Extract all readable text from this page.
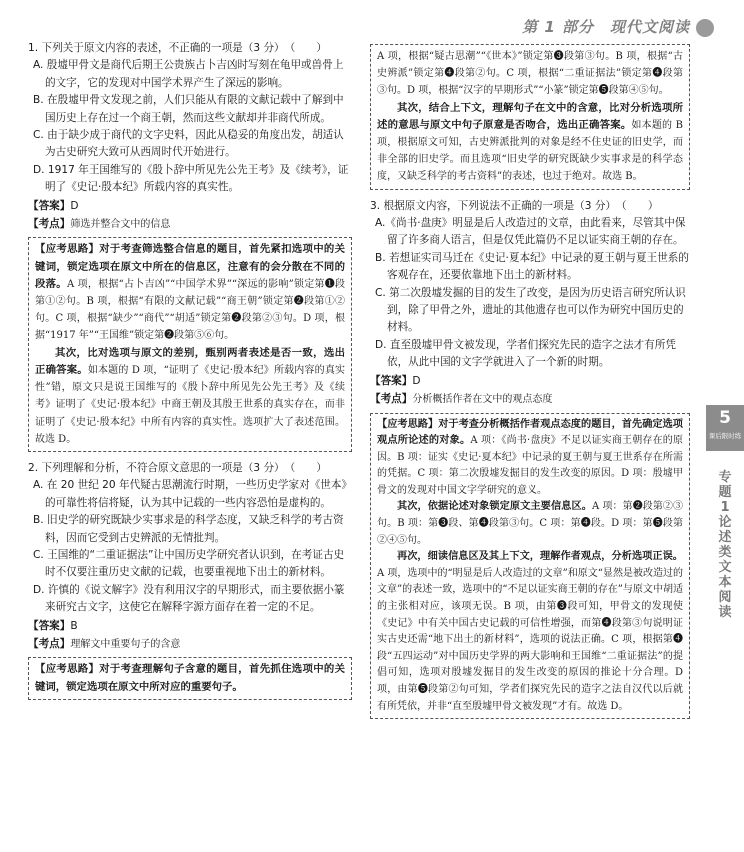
第 1 部分　现代文阅读

1. 下列关于原文内容的表述，不正确的一项是（3 分）　（　　）

A. 殷墟甲骨文是商代后期王公贵族占卜吉凶时写刻在龟甲或兽骨上的文字，它的发现对中国学术界产生了深远的影响。

B. 在殷墟甲骨文发现之前，人们只能从有限的文献记载中了解到中国历史上存在过一个商王朝，然而这些文献却并非商代所成。

C. 由于缺少成于商代的文字史料，因此从稳妥的角度出发，胡适认为古史研究大致可从西周时代开始进行。

D. 1917 年王国维写的《殷卜辞中所见先公先王考》及《续考》，证明了《史记·殷本纪》所载内容的真实性。

【答案】D

【考点】筛选并整合文中的信息

【应考思路】对于考查筛选整合信息的题目，首先紧扣选项中的关键词，锁定选项在原文中所在的信息区，注意有的会分散在不同的段落。A 项，根据“占卜吉凶”“中国学术界”“深远的影响”锁定第❶段第①②句。B 项，根据“有限的文献记载”“商王朝”锁定第❷段第①②句。C 项，根据“缺少”“商代”“胡适”锁定第❷段第②③句。D 项，根据“1917 年”“王国维”锁定第❷段第⑤⑥句。

其次，比对选项与原文的差别，甄别两者表述是否一致，选出正确答案。如本题的 D 项，“证明了《史记·殷本纪》所载内容的真实性”错，原文只是说王国维写的《殷卜辞中所见先公先王考》及《续考》证明了《史记·殷本纪》中商王朝及其殷王世系的真实存在，而非证明了《史记·殷本纪》中所有内容的真实性。选项扩大了表述范围。故选 D。

2. 下列理解和分析，不符合原文意思的一项是（3 分）　（　　）

A. 在 20 世纪 20 年代疑古思潮流行时期，一些历史学家对《世本》的可靠性将信将疑，认为其中记载的一些内容恐怕是虚构的。

B. 旧史学的研究既缺少实事求是的科学态度，又缺乏科学的考古资料，因而它受到古史辨派的无情批判。

C. 王国维的“二重证据法”让中国历史学研究者认识到，在考证古史时不仅要注重历史文献的记载，也要重视地下出土的新材料。

D. 许慎的《说文解字》没有利用汉字的早期形式，而主要依据小篆来研究古文字，这使它在解释字源方面存在着一定的不足。

【答案】B

【考点】理解文中重要句子的含意

【应考思路】对于考查理解句子含意的题目，首先抓住选项中的关键词，锁定选项在原文中所对应的重要句子。

A 项，根据“疑古思潮”“《世本》”锁定第❸段第③句。B 项，根据“古史辨派”锁定第❹段第②句。C 项，根据“二重证据法”锁定第❹段第③句。D 项，根据“汉字的早期形式”“小篆”锁定第❺段第④⑤句。

其次，结合上下文，理解句子在文中的含意，比对分析选项所述的意思与原文中句子原意是否吻合，选出正确答案。如本题的 B 项，根据原文可知，古史辨派批判的对象是经不住史证的旧史学，而非全部的旧史学。而且选项“旧史学的研究既缺少实事求是的科学态度，又缺乏科学的考古资料”的表述，也过于绝对。故选 B。

3. 根据原文内容，下列说法不正确的一项是（3 分）　（　　）

A.《尚书·盘庚》明显是后人改造过的文章，由此看来，尽管其中保留了许多商人语言，但是仅凭此篇仍不足以证实商王朝的存在。

B. 若想证实司马迁在《史记·夏本纪》中记录的夏王朝与夏王世系的客观存在，还要依靠地下出土的新材料。

C. 第二次殷墟发掘的目的发生了改变，是因为历史语言研究所认识到，除了甲骨之外，遗址的其他遗存也可以作为研究中国历史的材料。

D. 直至殷墟甲骨文被发现，学者们探究先民的造字之法才有所凭依，从此中国的文字学就进入了一个新的时期。

【答案】D

【考点】分析概括作者在文中的观点态度

【应考思路】对于考查分析概括作者观点态度的题目，首先确定选项观点所论述的对象。A 项：《尚书·盘庚》不足以证实商王朝存在的原因。B 项：证实《史记·夏本纪》中记录的夏王朝与夏王世系存在所需的凭据。C 项：第二次殷墟发掘目的发生改变的原因。D 项：殷墟甲骨文的发现对中国文字学研究的意义。

其次，依据论述对象锁定原文主要信息区。A 项：第❷段第②③句。B 项：第❸段、第❹段第③句。C 项：第❹段。D 项：第❺段第②④⑤句。

再次，细读信息区及其上下文，理解作者观点，分析选项正误。A 项，选项中的“明显是后人改造过的文章”和原文“显然是被改造过的文章”的表述一致，选项中的“不足以证实商王朝的存在”与原文中胡适的主张相对应，该项无误。B 项，由第❸段可知，甲骨文的发现使《史记》中有关中国古史记载的可信性增强，而第❹段第③句说明证实古史还需“地下出土的新材料”，选项的说法正确。C 项，根据第❹段“五四运动”对中国历史学界的两大影响和王国维“二重证据法”的提倡可知，选项对殷墟发掘目的发生改变的原因的推论十分合理。D 项，由第❺段第②句可知，学者们探究先民的造字之法自汉代以后就有所凭依，并非“直至殷墟甲骨文被发现”才有。故选 D。

5
课后限时练
专题1 论述类文本阅读
